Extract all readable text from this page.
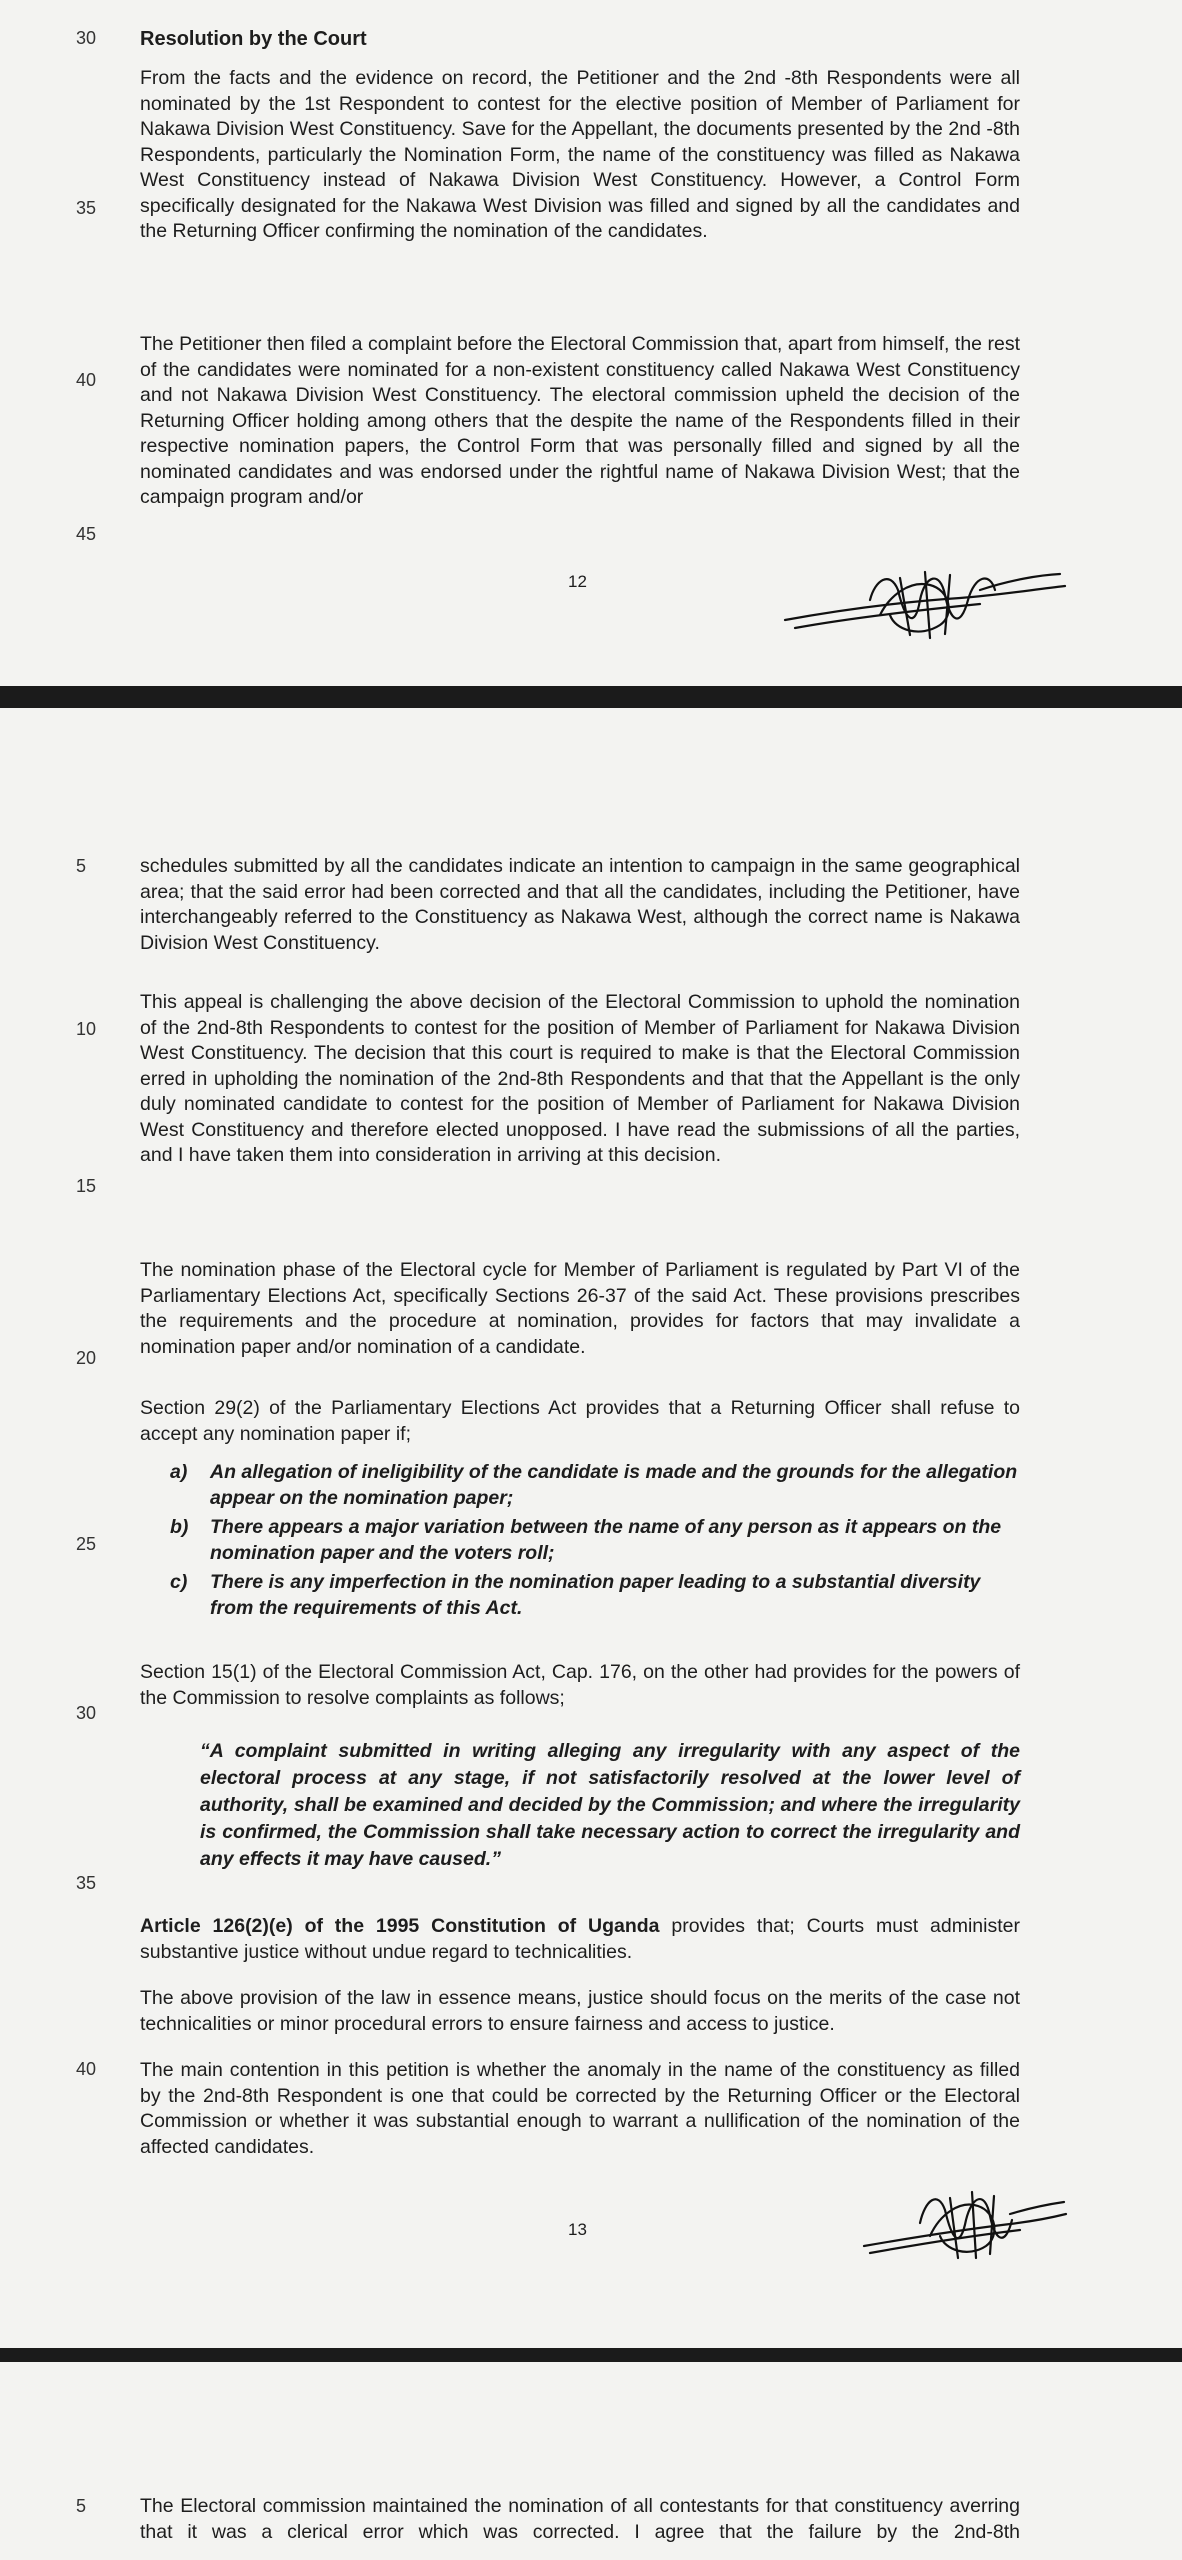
30	Resolution by the Court

From the facts and the evidence on record, the Petitioner and the 2nd -8th Respondents were all nominated by the 1st Respondent to contest for the elective position of Member of Parliament for Nakawa Division West Constituency. Save for the Appellant, the documents presented by the 2nd -8th Respondents, particularly the Nomination Form, the name of the constituency was filled as Nakawa West Constituency instead of Nakawa Division West Constituency. However, a Control Form specifically designated for the Nakawa West Division was filled and signed by all the candidates and the Returning Officer confirming the nomination of the candidates.

35

The Petitioner then filed a complaint before the Electoral Commission that, apart from himself, the rest of the candidates were nominated for a non-existent constituency called Nakawa West Constituency and not Nakawa Division West Constituency. The electoral commission upheld the decision of the Returning Officer holding among others that the despite the name of the Respondents filled in their respective nomination papers, the Control Form that was personally filled and signed by all the nominated candidates and was endorsed under the rightful name of Nakawa Division West; that the campaign program and/or

40
45
12
5	schedules submitted by all the candidates indicate an intention to campaign in the same geographical area; that the said error had been corrected and that all the candidates, including the Petitioner, have interchangeably referred to the Constituency as Nakawa West, although the correct name is Nakawa Division West Constituency.

This appeal is challenging the above decision of the Electoral Commission to uphold the nomination of the 2nd-8th Respondents to contest for the position of Member of Parliament for Nakawa Division West Constituency. The decision that this court is required to make is that the Electoral Commission erred in upholding the nomination of the 2nd-8th Respondents and that that the Appellant is the only duly nominated candidate to contest for the position of Member of Parliament for Nakawa Division West Constituency and therefore elected unopposed. I have read the submissions of all the parties, and I have taken them into consideration in arriving at this decision.

10
15

The nomination phase of the Electoral cycle for Member of Parliament is regulated by Part VI of the Parliamentary Elections Act, specifically Sections 26-37 of the said Act. These provisions prescribes the requirements and the procedure at nomination, provides for factors that may invalidate a nomination paper and/or nomination of a candidate.

20

Section 29(2) of the Parliamentary Elections Act provides that a Returning Officer shall refuse to accept any nomination paper if;

a) An allegation of ineligibility of the candidate is made and the grounds for the allegation appear on the nomination paper;
b) There appears a major variation between the name of any person as it appears on the nomination paper and the voters roll;
c) There is any imperfection in the nomination paper leading to a substantial diversity from the requirements of this Act.
25

Section 15(1) of the Electoral Commission Act, Cap. 176, on the other had provides for the powers of the Commission to resolve complaints as follows;

30

“A complaint submitted in writing alleging any irregularity with any aspect of the electoral process at any stage, if not satisfactorily resolved at the lower level of authority, shall be examined and decided by the Commission; and where the irregularity is confirmed, the Commission shall take necessary action to correct the irregularity and any effects it may have caused.”

35

Article 126(2)(e) of the 1995 Constitution of Uganda provides that; Courts must administer substantive justice without undue regard to technicalities.

The above provision of the law in essence means, justice should focus on the merits of the case not technicalities or minor procedural errors to ensure fairness and access to justice.

The main contention in this petition is whether the anomaly in the name of the constituency as filled by the 2nd-8th Respondent is one that could be corrected by the Returning Officer or the Electoral Commission or whether it was substantial enough to warrant a nullification of the nomination of the affected candidates.

40
13
5	The Electoral commission maintained the nomination of all contestants for that constituency averring that it was a clerical error which was corrected. I agree that the failure by the 2nd-8th
